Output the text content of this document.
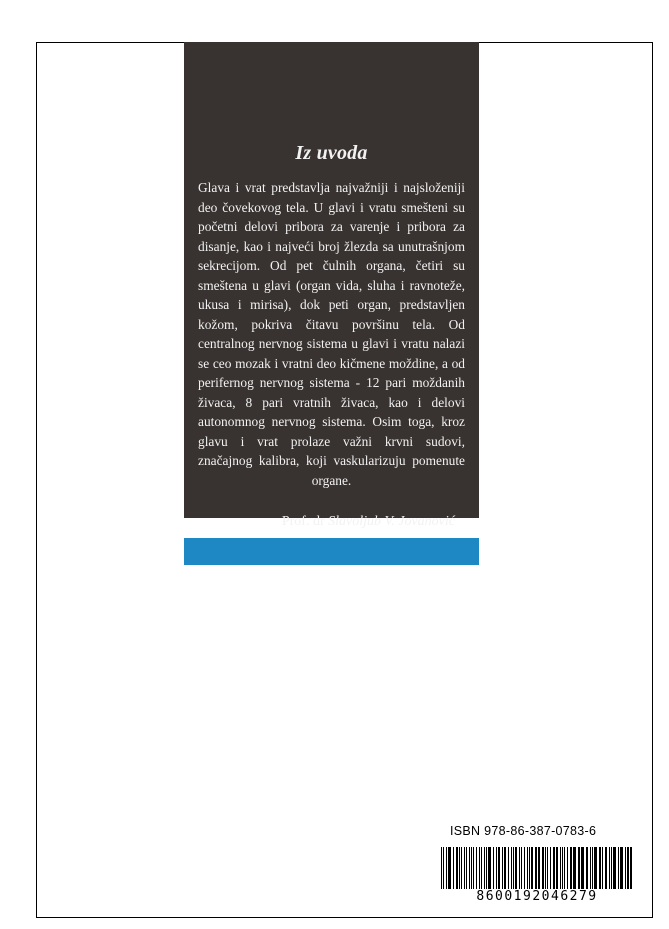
Iz uvoda

Glava i vrat predstavlja najvažniji i najsloženiji deo čovekovog tela. U glavi i vratu smešteni su početni delovi pribora za varenje i pribora za disanje, kao i najveći broj žlezda sa unutrašnjom sekrecijom. Od pet čulnih organa, četiri su smeštena u glavi (organ vida, sluha i ravnoteže, ukusa i mirisa), dok peti organ, predstavljen kožom, pokriva čitavu površinu tela. Od centralnog nervnog sistema u glavi i vratu nalazi se ceo mozak i vratni deo kičmene moždine, a od perifernog nervnog sistema - 12 pari moždanih živaca, 8 pari vratnih živaca, kao i delovi autonomnog nervnog sistema. Osim toga, kroz glavu i vrat prolaze važni krvni sudovi, značajnog kalibra, koji vaskularizuju pomenute organe.

Prof. dr Slavoljub V. Jovanović
ISBN 978-86-387-0783-6
8600192046279
